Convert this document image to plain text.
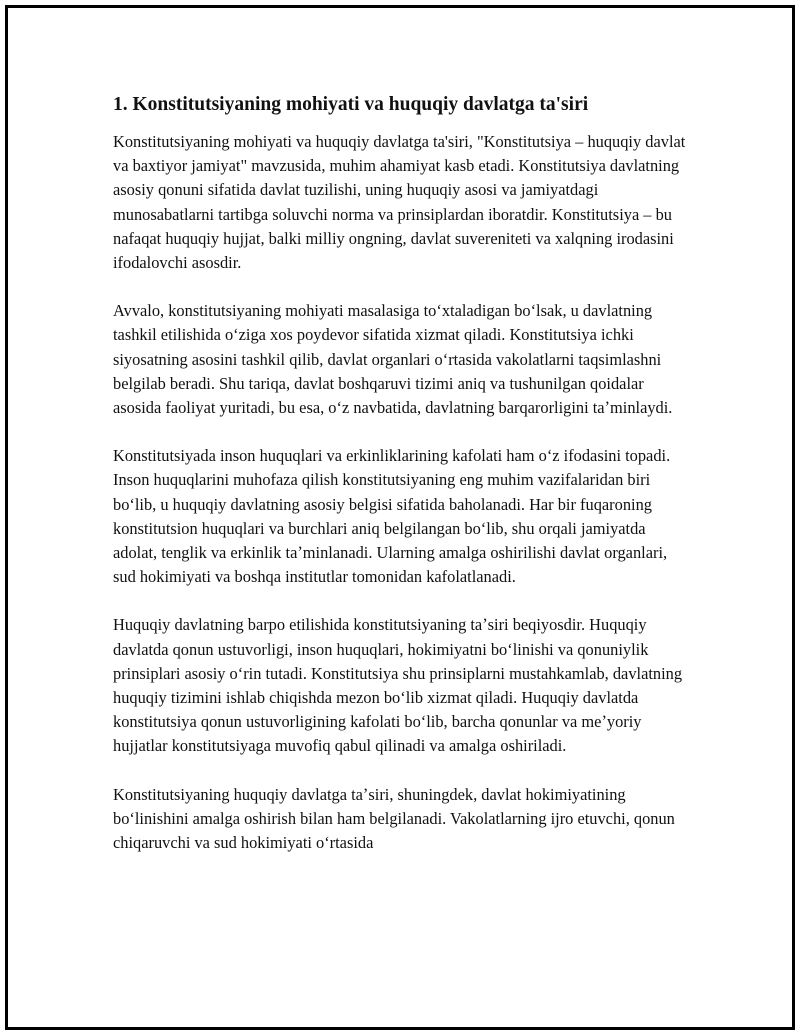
1. Konstitutsiyaning mohiyati va huquqiy davlatga ta'siri

Konstitutsiyaning mohiyati va huquqiy davlatga ta'siri, "Konstitutsiya – huquqiy davlat va baxtiyor jamiyat" mavzusida, muhim ahamiyat kasb etadi. Konstitutsiya davlatning asosiy qonuni sifatida davlat tuzilishi, uning huquqiy asosi va jamiyatdagi munosabatlarni tartibga soluvchi norma va prinsiplardan iboratdir. Konstitutsiya – bu nafaqat huquqiy hujjat, balki milliy ongning, davlat suvereniteti va xalqning irodasini ifodalovchi asosdir.

Avvalo, konstitutsiyaning mohiyati masalasiga toʻxtaladigan boʻlsak, u davlatning tashkil etilishida oʻziga xos poydevor sifatida xizmat qiladi. Konstitutsiya ichki siyosatning asosini tashkil qilib, davlat organlari oʻrtasida vakolatlarni taqsimlashni belgilab beradi. Shu tariqa, davlat boshqaruvi tizimi aniq va tushunilgan qoidalar asosida faoliyat yuritadi, bu esa, oʻz navbatida, davlatning barqarorligini taʼminlaydi.

Konstitutsiyada inson huquqlari va erkinliklarining kafolati ham oʻz ifodasini topadi. Inson huquqlarini muhofaza qilish konstitutsiyaning eng muhim vazifalaridan biri boʻlib, u huquqiy davlatning asosiy belgisi sifatida baholanadi. Har bir fuqaroning konstitutsion huquqlari va burchlari aniq belgilangan boʻlib, shu orqali jamiyatda adolat, tenglik va erkinlik taʼminlanadi. Ularning amalga oshirilishi davlat organlari, sud hokimiyati va boshqa institutlar tomonidan kafolatlanadi.

Huquqiy davlatning barpo etilishida konstitutsiyaning taʼsiri beqiyosdir. Huquqiy davlatda qonun ustuvorligi, inson huquqlari, hokimiyatni boʻlinishi va qonuniylik prinsiplari asosiy oʻrin tutadi. Konstitutsiya shu prinsiplarni mustahkamlab, davlatning huquqiy tizimini ishlab chiqishda mezon boʻlib xizmat qiladi. Huquqiy davlatda konstitutsiya qonun ustuvorligining kafolati boʻlib, barcha qonunlar va meʼyoriy hujjatlar konstitutsiyaga muvofiq qabul qilinadi va amalga oshiriladi.

Konstitutsiyaning huquqiy davlatga taʼsiri, shuningdek, davlat hokimiyatining boʻlinishini amalga oshirish bilan ham belgilanadi. Vakolatlarning ijro etuvchi, qonun chiqaruvchi va sud hokimiyati oʻrtasida
